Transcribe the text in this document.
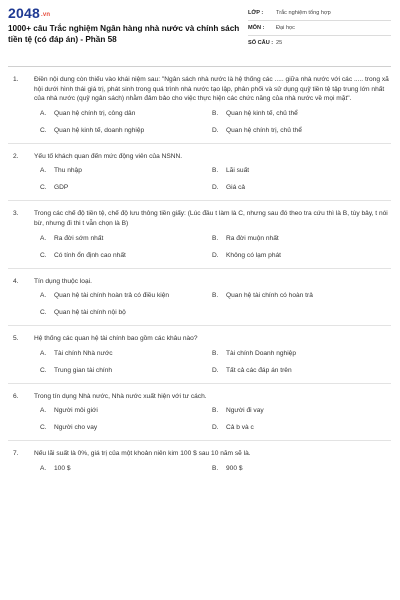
$2048^{.vn}$
1000+ câu Trắc nghiệm Ngân hàng nhà nước và chính sách tiền tệ (có đáp án) - Phần 58
LỚP :	Trắc nghiệm tổng hợp
MÔN :	Đại học
SỐ CÂU : 25
1.	Điền nội dung còn thiếu vào khái niệm sau: "Ngân sách nhà nước là hệ thống các ..... giữa nhà nước với các ..... trong xã hội dưới hình thái giá trị, phát sinh trong quá trình nhà nước tạo lập, phân phối và sử dụng quỹ tiền tệ tập trung lớn nhất của nhà nước (quỹ ngân sách) nhằm đảm bảo cho việc thực hiện các chức năng của nhà nước về mọi mặt".
A.	Quan hệ chính trị, công dân	B.	Quan hệ kinh tế, chủ thể
C.	Quan hệ kinh tế, doanh nghiệp	D.	Quan hệ chính trị, chủ thể
2.	Yếu tố khách quan đến mức động viên của NSNN.
A.	Thu nhập	B.	Lãi suất
C.	GDP	D.	Giá cả
3.	Trong các chế độ tiền tệ, chế độ lưu thông tiền giấy: (Lúc đầu t làm là C, nhưng sau đó theo tra cứu thì là B, tùy bảy, t nói bừ, nhưng đi thi t vẫn chọn là B)
A.	Ra đời sớm nhất	B.	Ra đời muộn nhất
C.	Có tính ổn định cao nhất	D.	Không có lạm phát
4.	Tín dụng thuộc loại.
A.	Quan hệ tài chính hoàn trả có điều kiện	B.	Quan hệ tài chính có hoàn trả
C.	Quan hệ tài chính nội bộ
5.	Hệ thống các quan hệ tài chính bao gồm các khâu nào?
A.	Tài chính Nhà nước	B.	Tài chính Doanh nghiệp
C.	Trung gian tài chính	D.	Tất cả các đáp án trên
6.	Trong tín dụng Nhà nước, Nhà nước xuất hiện với tư cách.
A.	Người môi giới	B.	Người đi vay
C.	Người cho vay	D.	Cả b và c
7.	Nếu lãi suất là 0%, giá trị của một khoản niên kim 100 $ sau 10 năm sẽ là.
A.	100 $	B.	900 $
